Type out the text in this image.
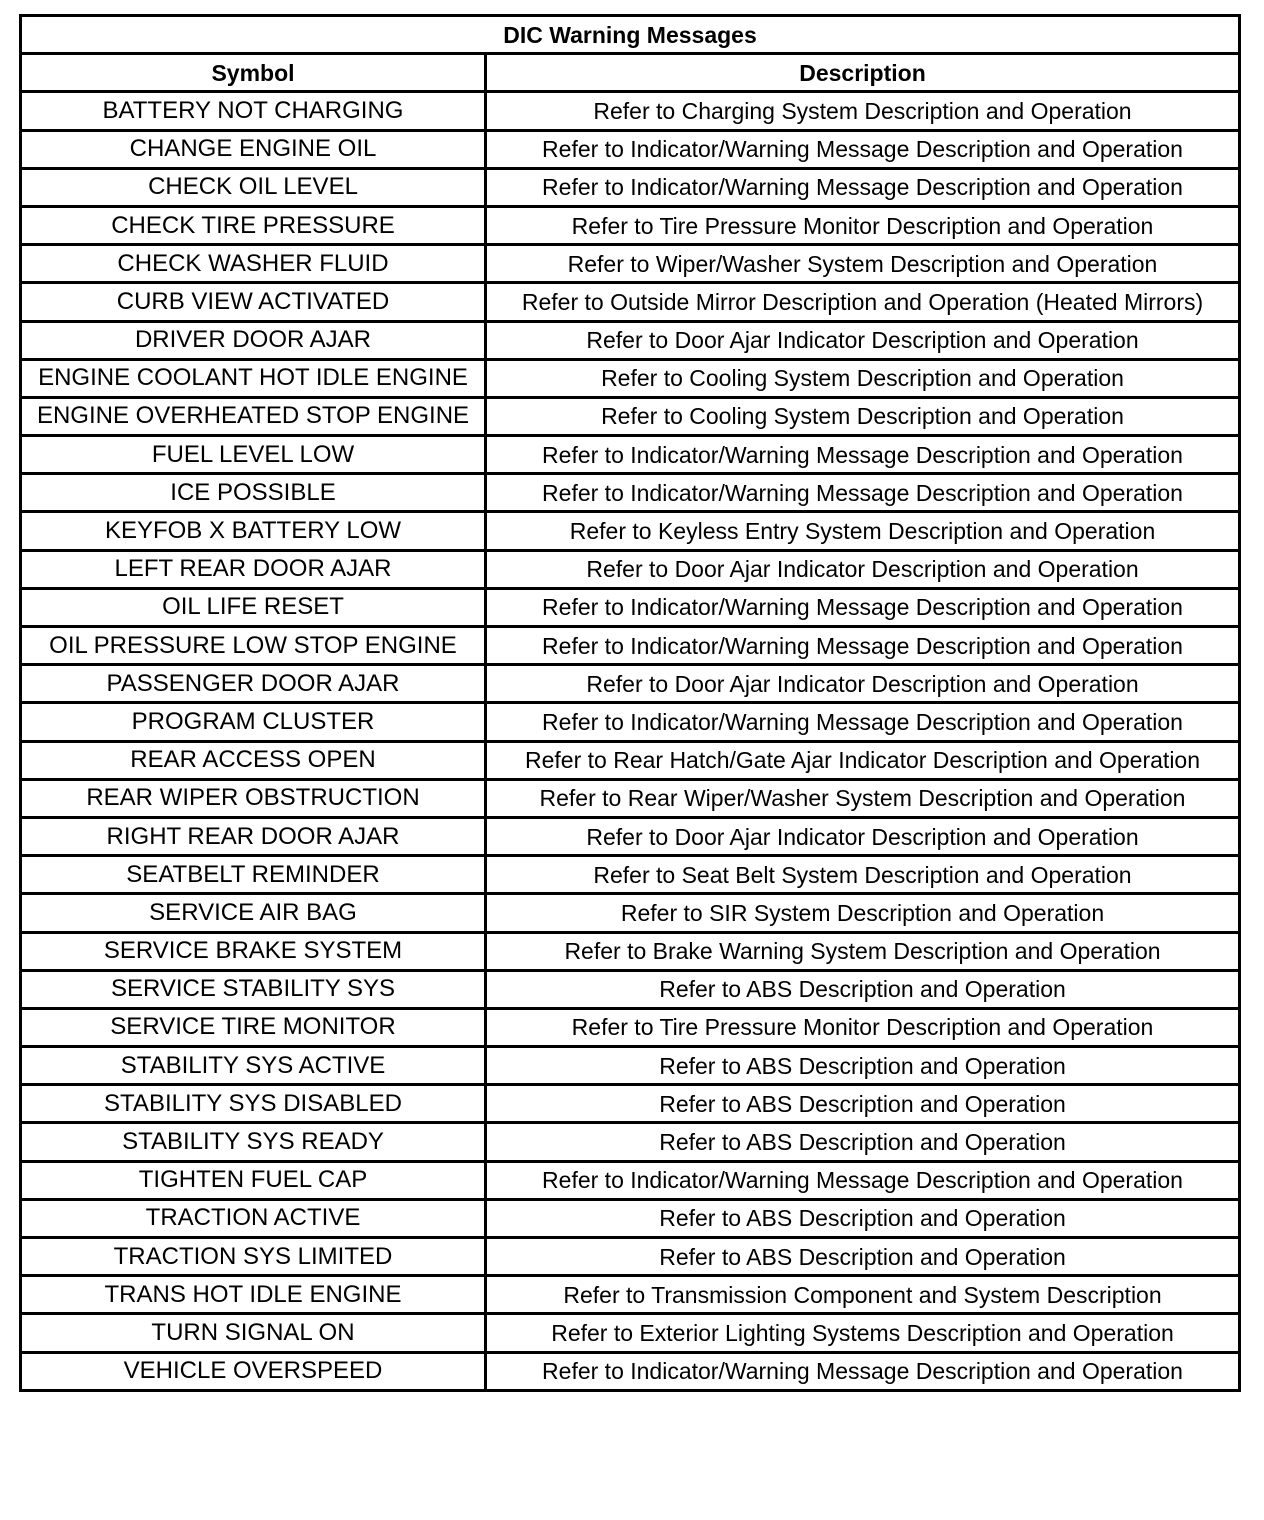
DIC Warning Messages	
Symbol	Description
BATTERY NOT CHARGING	Refer to Charging System Description and Operation
CHANGE ENGINE OIL	Refer to Indicator/Warning Message Description and Operation
CHECK OIL LEVEL	Refer to Indicator/Warning Message Description and Operation
CHECK TIRE PRESSURE	Refer to Tire Pressure Monitor Description and Operation
CHECK WASHER FLUID	Refer to Wiper/Washer System Description and Operation
CURB VIEW ACTIVATED	Refer to Outside Mirror Description and Operation (Heated Mirrors)
DRIVER DOOR AJAR	Refer to Door Ajar Indicator Description and Operation
ENGINE COOLANT HOT IDLE ENGINE	Refer to Cooling System Description and Operation
ENGINE OVERHEATED STOP ENGINE	Refer to Cooling System Description and Operation
FUEL LEVEL LOW	Refer to Indicator/Warning Message Description and Operation
ICE POSSIBLE	Refer to Indicator/Warning Message Description and Operation
KEYFOB X BATTERY LOW	Refer to Keyless Entry System Description and Operation
LEFT REAR DOOR AJAR	Refer to Door Ajar Indicator Description and Operation
OIL LIFE RESET	Refer to Indicator/Warning Message Description and Operation
OIL PRESSURE LOW STOP ENGINE	Refer to Indicator/Warning Message Description and Operation
PASSENGER DOOR AJAR	Refer to Door Ajar Indicator Description and Operation
PROGRAM CLUSTER	Refer to Indicator/Warning Message Description and Operation
REAR ACCESS OPEN	Refer to Rear Hatch/Gate Ajar Indicator Description and Operation
REAR WIPER OBSTRUCTION	Refer to Rear Wiper/Washer System Description and Operation
RIGHT REAR DOOR AJAR	Refer to Door Ajar Indicator Description and Operation
SEATBELT REMINDER	Refer to Seat Belt System Description and Operation
SERVICE AIR BAG	Refer to SIR System Description and Operation
SERVICE BRAKE SYSTEM	Refer to Brake Warning System Description and Operation
SERVICE STABILITY SYS	Refer to ABS Description and Operation
SERVICE TIRE MONITOR	Refer to Tire Pressure Monitor Description and Operation
STABILITY SYS ACTIVE	Refer to ABS Description and Operation
STABILITY SYS DISABLED	Refer to ABS Description and Operation
STABILITY SYS READY	Refer to ABS Description and Operation
TIGHTEN FUEL CAP	Refer to Indicator/Warning Message Description and Operation
TRACTION ACTIVE	Refer to ABS Description and Operation
TRACTION SYS LIMITED	Refer to ABS Description and Operation
TRANS HOT IDLE ENGINE	Refer to Transmission Component and System Description
TURN SIGNAL ON	Refer to Exterior Lighting Systems Description and Operation
VEHICLE OVERSPEED	Refer to Indicator/Warning Message Description and Operation
